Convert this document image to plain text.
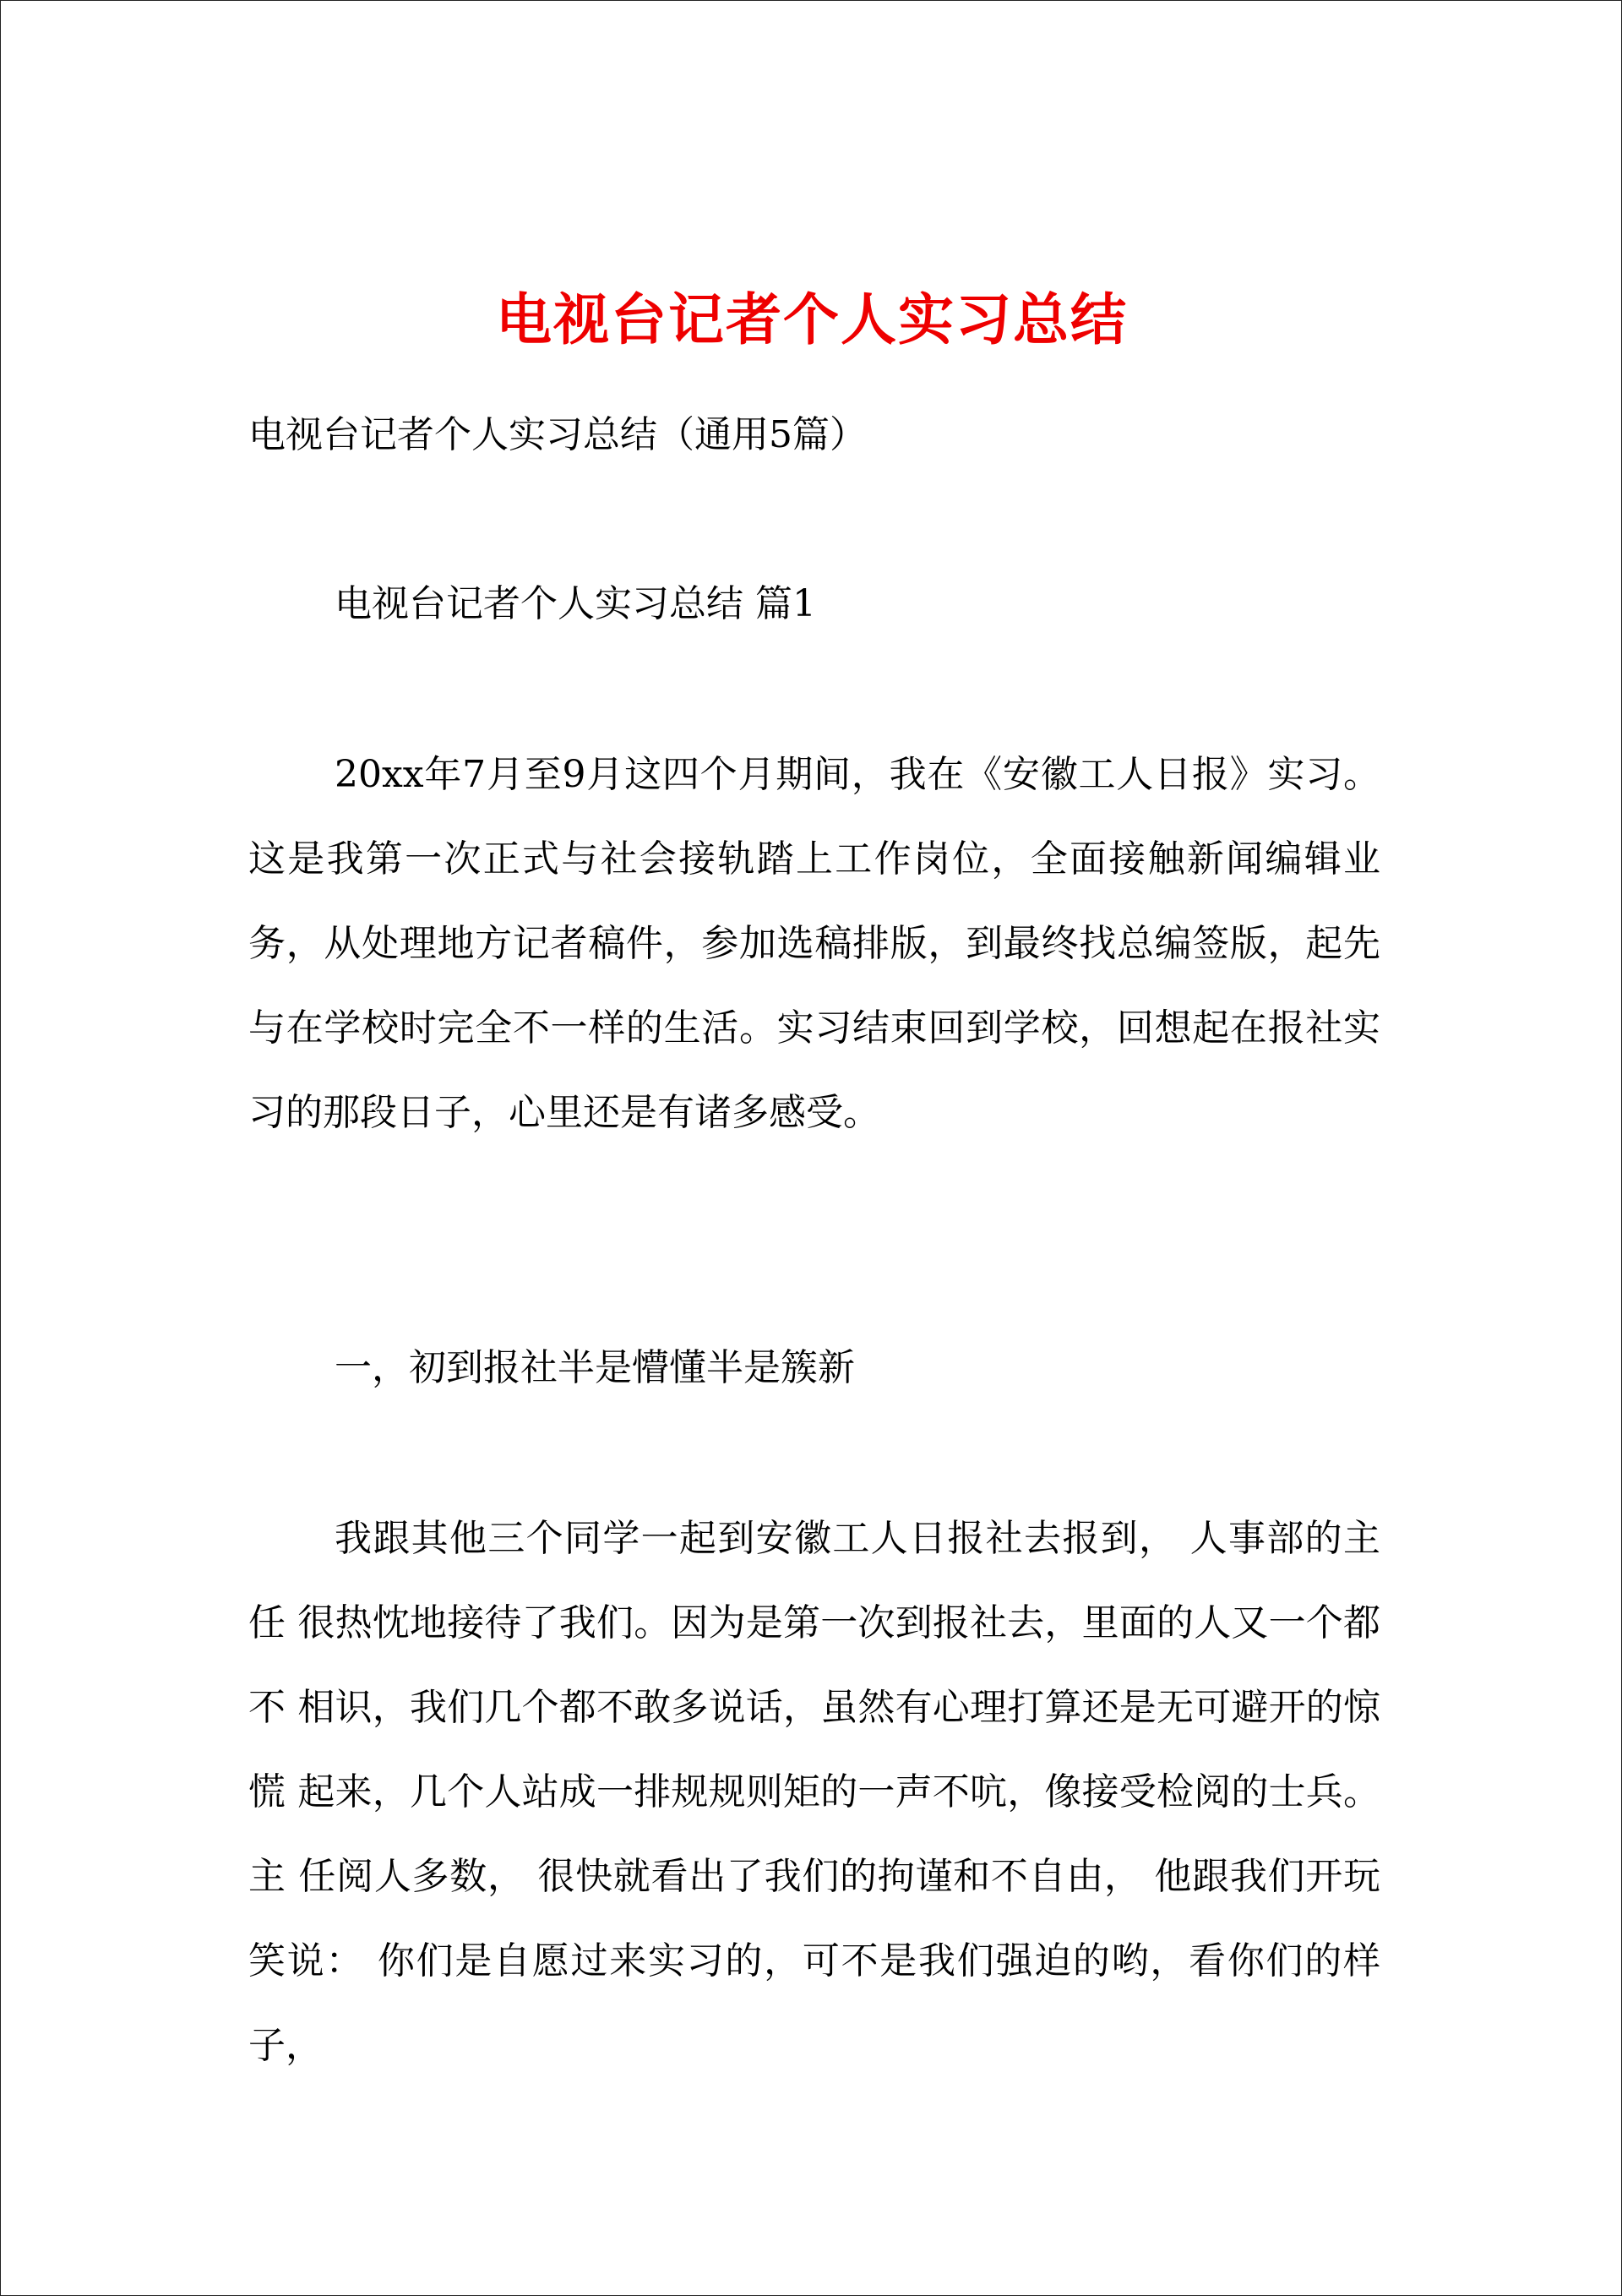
电视台记者个人实习总结

电视台记者个人实习总结（通用5篇）

电视台记者个人实习总结 篇1

20xx年7月至9月这四个月期间，我在《安徽工人日报》实习。这是我第一次正式与社会接轨踏上工作岗位，全面接触新闻编辑业 务，从处理地方记者稿件，参加选稿排版，到最终找总编签版，起先 与在学校时完全不一样的生活。实习结束回到学校，回想起在报社实 习的那段日子，心里还是有诸多感受。

一，初到报社半是懵懂半是簇新

我跟其他三个同学一起到安徽工人日报社去报到， 人事部的主任 很热忱地接待了我们。因为是第一次到报社去，里面的人又一个都不 相识，我们几个都不敢多说话，虽然有心理打算还是无可避开的惊慌 起来，几个人站成一排规规则矩的一声不吭，像接受检阅的士兵。主 任阅人多数， 很快就看出了我们的拘谨和不自由， 他跟我们开玩笑说： 你们是自愿过来实习的，可不是我们强迫的哟，看你们的样子，
